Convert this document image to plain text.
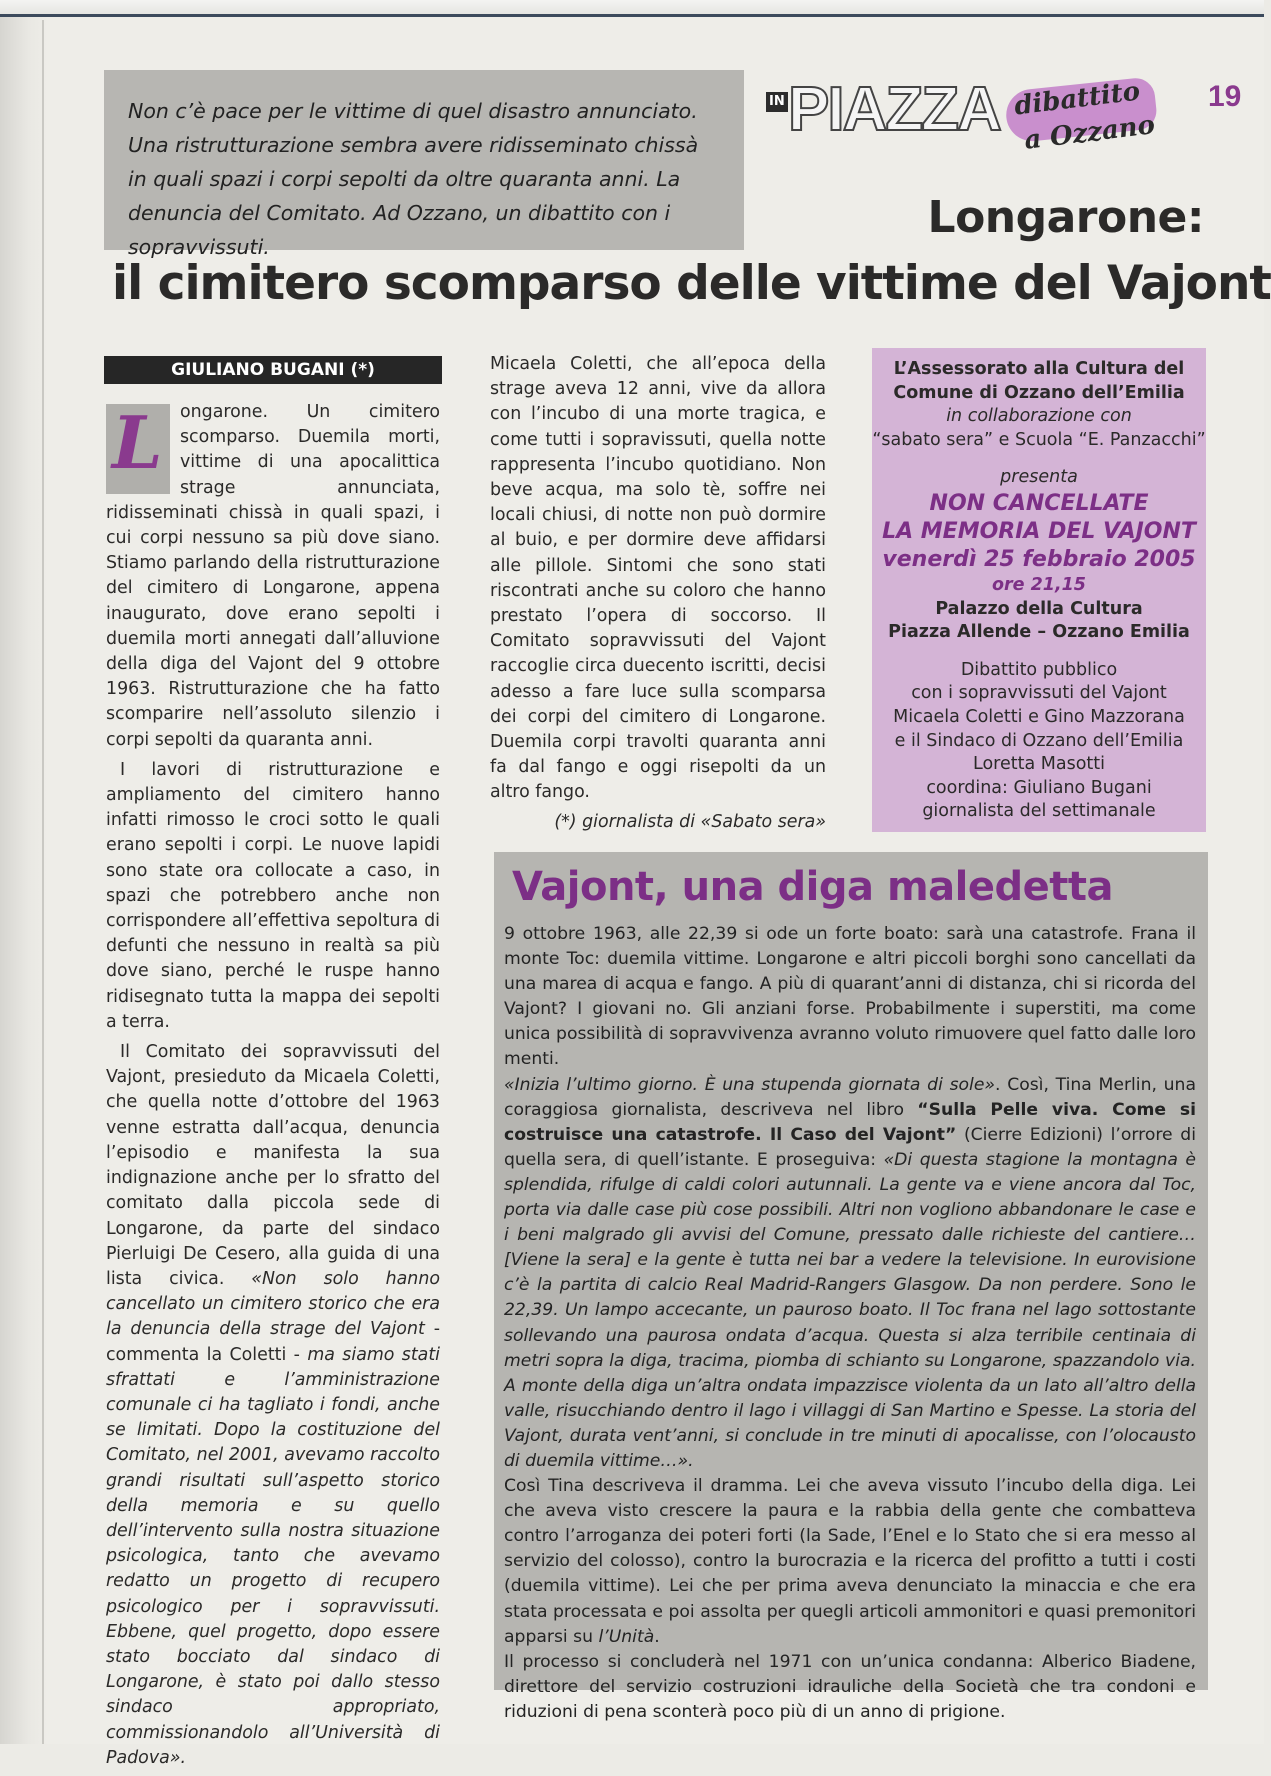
Non c’è pace per le vittime di quel disastro annunciato. Una ristrutturazione sembra avere ridisseminato chissà in quali spazi i corpi sepolti da oltre quaranta anni. La denuncia del Comitato. Ad Ozzano, un dibattito con i sopravvissuti.
IN PIAZZA dibattito
a Ozzano
19
Longarone:
il cimitero scomparso delle vittime del Vajont
GIULIANO BUGANI (*)

L ongarone. Un cimitero scomparso. Duemila morti, vittime di una apocalittica strage annunciata, ridisseminati chissà in quali spazi, i cui corpi nessuno sa più dove siano. Stiamo parlando della ristrutturazione del cimitero di Longarone, appena inaugurato, dove erano sepolti i duemila morti annegati dall’alluvione della diga del Vajont del 9 ottobre 1963. Ristrutturazione che ha fatto scomparire nell’assoluto silenzio i corpi sepolti da quaranta anni.

I lavori di ristrutturazione e ampliamento del cimitero hanno infatti rimosso le croci sotto le quali erano sepolti i corpi. Le nuove lapidi sono state ora collocate a caso, in spazi che potrebbero anche non corrispondere all’effettiva sepoltura di defunti che nessuno in realtà sa più dove siano, perché le ruspe hanno ridisegnato tutta la mappa dei sepolti a terra.

Il Comitato dei sopravvissuti del Vajont, presieduto da Micaela Coletti, che quella notte d’ottobre del 1963 venne estratta dall’acqua, denuncia l’episodio e manifesta la sua indignazione anche per lo sfratto del comitato dalla piccola sede di Longarone, da parte del sindaco Pierluigi De Cesero, alla guida di una lista civica. «Non solo hanno cancellato un cimitero storico che era la denuncia della strage del Vajont - commenta la Coletti - ma siamo stati sfrattati e l’amministrazione comunale ci ha tagliato i fondi, anche se limitati. Dopo la costituzione del Comitato, nel 2001, avevamo raccolto grandi risultati sull’aspetto storico della memoria e su quello dell’intervento sulla nostra situazione psicologica, tanto che avevamo redatto un progetto di recupero psicologico per i sopravvissuti. Ebbene, quel progetto, dopo essere stato bocciato dal sindaco di Longarone, è stato poi dallo stesso sindaco appropriato, commissionandolo all’Università di Padova».

Micaela Coletti, che all’epoca della strage aveva 12 anni, vive da allora con l’incubo di una morte tragica, e come tutti i sopravissuti, quella notte rappresenta l’incubo quotidiano. Non beve acqua, ma solo tè, soffre nei locali chiusi, di notte non può dormire al buio, e per dormire deve affidarsi alle pillole. Sintomi che sono stati riscontrati anche su coloro che hanno prestato l’opera di soccorso. Il Comitato sopravvissuti del Vajont raccoglie circa duecento iscritti, decisi adesso a fare luce sulla scomparsa dei corpi del cimitero di Longarone. Duemila corpi travolti quaranta anni fa dal fango e oggi risepolti da un altro fango.

(*) giornalista di «Sabato sera»

L’Assessorato alla Cultura del
Comune di Ozzano dell’Emilia
in collaborazione con
“sabato sera” e Scuola “E. Panzacchi”
presenta
NON CANCELLATE
LA MEMORIA DEL VAJONT
venerdì 25 febbraio 2005
ore 21,15
Palazzo della Cultura
Piazza Allende – Ozzano Emilia
Dibattito pubblico
con i sopravvissuti del Vajont
Micaela Coletti e Gino Mazzorana
e il Sindaco di Ozzano dell’Emilia
Loretta Masotti
coordina: Giuliano Bugani
giornalista del settimanale
Vajont, una diga maledetta

9 ottobre 1963, alle 22,39 si ode un forte boato: sarà una catastrofe. Frana il monte Toc: duemila vittime. Longarone e altri piccoli borghi sono cancellati da una marea di acqua e fango. A più di quarant’anni di distanza, chi si ricorda del Vajont? I giovani no. Gli anziani forse. Probabilmente i superstiti, ma come unica possibilità di sopravvivenza avranno voluto rimuovere quel fatto dalle loro menti.

«Inizia l’ultimo giorno. È una stupenda giornata di sole». Così, Tina Merlin, una coraggiosa giornalista, descriveva nel libro “Sulla Pelle viva. Come si costruisce una catastrofe. Il Caso del Vajont” (Cierre Edizioni) l’orrore di quella sera, di quell’istante. E proseguiva: «Di questa stagione la montagna è splendida, rifulge di caldi colori autunnali. La gente va e viene ancora dal Toc, porta via dalle case più cose possibili. Altri non vogliono abbandonare le case e i beni malgrado gli avvisi del Comune, pressato dalle richieste del cantiere… [Viene la sera] e la gente è tutta nei bar a vedere la televisione. In eurovisione c’è la partita di calcio Real Madrid-Rangers Glasgow. Da non perdere. Sono le 22,39. Un lampo accecante, un pauroso boato. Il Toc frana nel lago sottostante sollevando una paurosa ondata d’acqua. Questa si alza terribile centinaia di metri sopra la diga, tracima, piomba di schianto su Longarone, spazzandolo via. A monte della diga un’altra ondata impazzisce violenta da un lato all’altro della valle, risucchiando dentro il lago i villaggi di San Martino e Spesse. La storia del Vajont, durata vent’anni, si conclude in tre minuti di apocalisse, con l’olocausto di duemila vittime…».

Così Tina descriveva il dramma. Lei che aveva vissuto l’incubo della diga. Lei che aveva visto crescere la paura e la rabbia della gente che combatteva contro l’arroganza dei poteri forti (la Sade, l’Enel e lo Stato che si era messo al servizio del colosso), contro la burocrazia e la ricerca del profitto a tutti i costi (duemila vittime). Lei che per prima aveva denunciato la minaccia e che era stata processata e poi assolta per quegli articoli ammonitori e quasi premonitori apparsi su l’Unità.

Il processo si concluderà nel 1971 con un’unica condanna: Alberico Biadene, direttore del servizio costruzioni idrauliche della Società che tra condoni e riduzioni di pena sconterà poco più di un anno di prigione.
